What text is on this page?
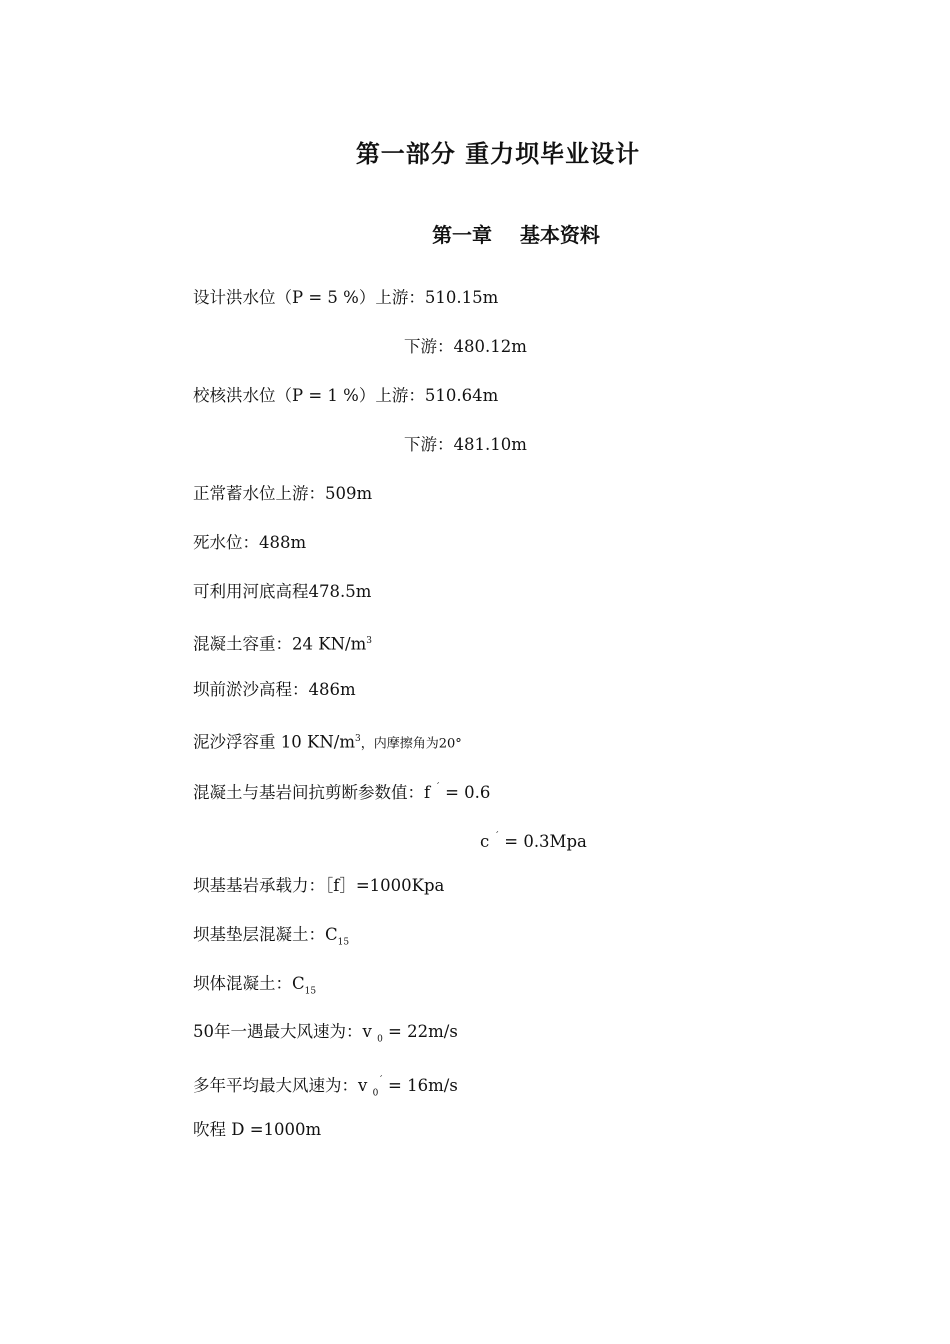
第一部分 重力坝毕业设计
第一章    基本资料

设计洪水位（P = 5 %）上游：510.15m

下游：480.12m

校核洪水位（P = 1 %）上游：510.64m

下游：481.10m

正常蓄水位上游：509m

死水位：488m

可利用河底高程478.5m

混凝土容重：24 $KN/m^3$

坝前淤沙高程：486m

泥沙浮容重 10 $KN/m^3$，内摩擦角为20°

混凝土与基岩间抗剪断参数值：f $^ˊ$ = 0.6

c $^ˊ$ = 0.3Mpa

坝基基岩承载力：［f］=1000Kpa

坝基垫层混凝土：$C_{15}$

坝体混凝土：$C_{15}$

50年一遇最大风速为：v $_0$ = 22m/s

多年平均最大风速为：v $_0^ˊ$ = 16m/s

吹程 D =1000m
